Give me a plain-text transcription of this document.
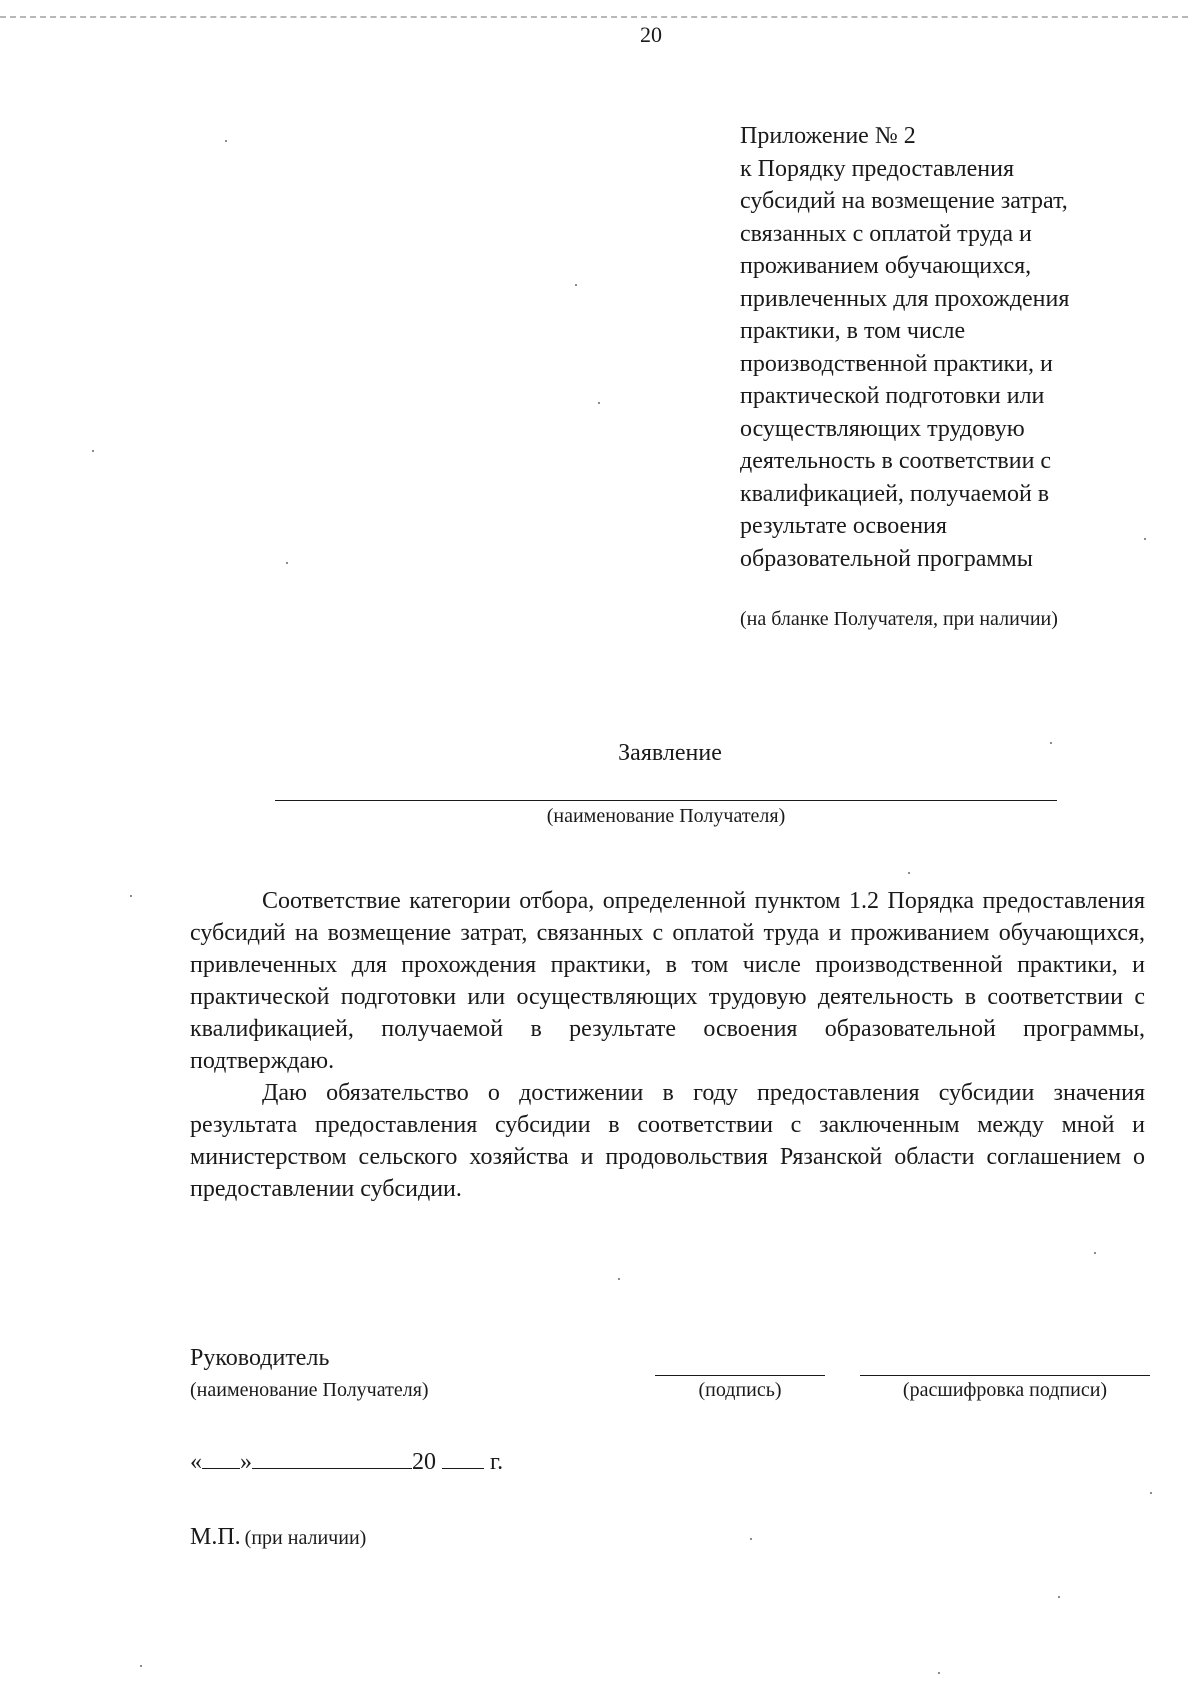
20
Приложение № 2
к Порядку предоставления
субсидий на возмещение затрат,
связанных с оплатой труда и
проживанием обучающихся,
привлеченных для прохождения
практики, в том числе
производственной практики, и
практической подготовки или
осуществляющих трудовую
деятельность в соответствии с
квалификацией, получаемой в
результате освоения
образовательной программы
(на бланке Получателя, при наличии)
Заявление
(наименование Получателя)

Соответствие категории отбора, определенной пунктом 1.2 Порядка предоставления субсидий на возмещение затрат, связанных с оплатой труда и проживанием обучающихся, привлеченных для прохождения практики, в том числе производственной практики, и практической подготовки или осуществляющих трудовую деятельность в соответствии с квалификацией, получаемой в результате освоения образовательной программы, подтверждаю.

Даю обязательство о достижении в году предоставления субсидии значения результата предоставления субсидии в соответствии с заключенным между мной и министерством сельского хозяйства и продовольствия Рязанской области соглашением о предоставлении субсидии.

Руководитель
(наименование Получателя)	(подпись)	(расшифровка подписи)
« »	20 г.
М.П. (при наличии)
